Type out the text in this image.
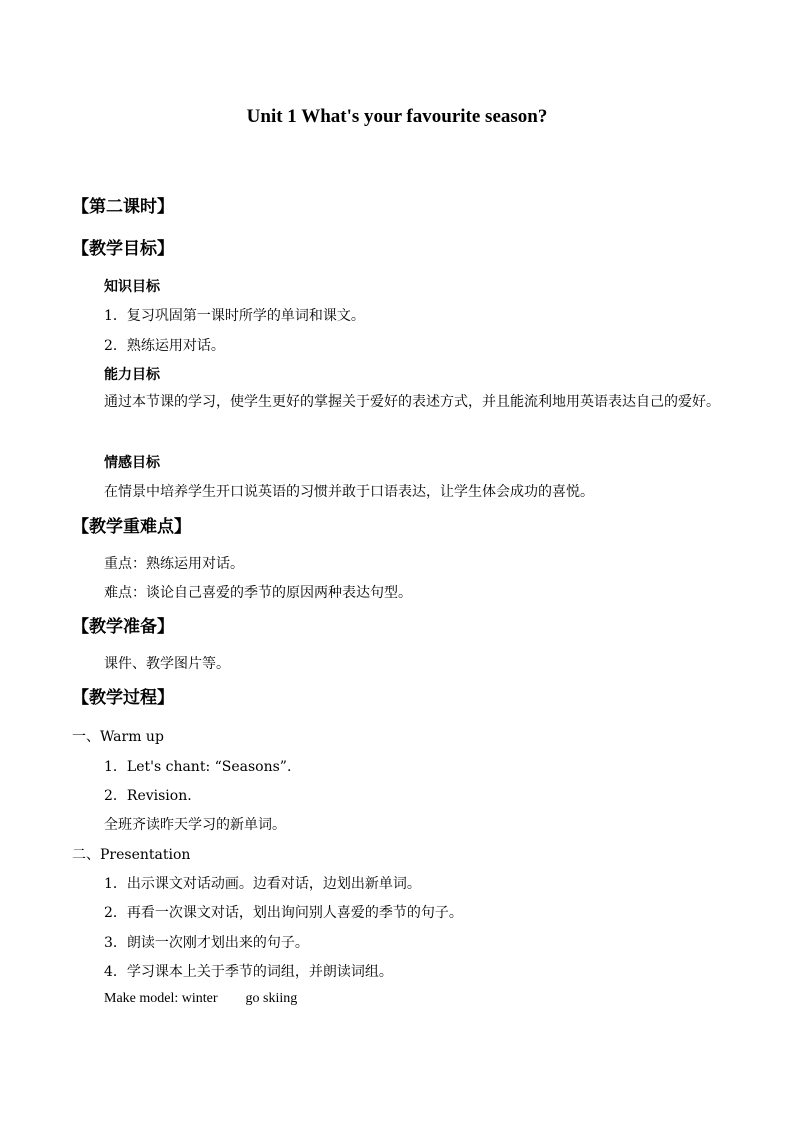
Unit 1 What's your favourite season?
【第二课时】
【教学目标】
知识目标
1．复习巩固第一课时所学的单词和课文。
2．熟练运用对话。
能力目标
通过本节课的学习，使学生更好的掌握关于爱好的表述方式，并且能流利地用英语表达自己的爱好。
情感目标
在情景中培养学生开口说英语的习惯并敢于口语表达，让学生体会成功的喜悦。
【教学重难点】
重点：熟练运用对话。
难点：谈论自己喜爱的季节的原因两种表达句型。
【教学准备】
课件、教学图片等。
【教学过程】
一、Warm up
1．Let's chant: “Seasons”.
2．Revision.
全班齐读昨天学习的新单词。
二、Presentation
1．出示课文对话动画。边看对话，边划出新单词。
2．再看一次课文对话，划出询问别人喜爱的季节的句子。
3．朗读一次刚才划出来的句子。
4．学习课本上关于季节的词组，并朗读词组。
Make model: winter go skiing
